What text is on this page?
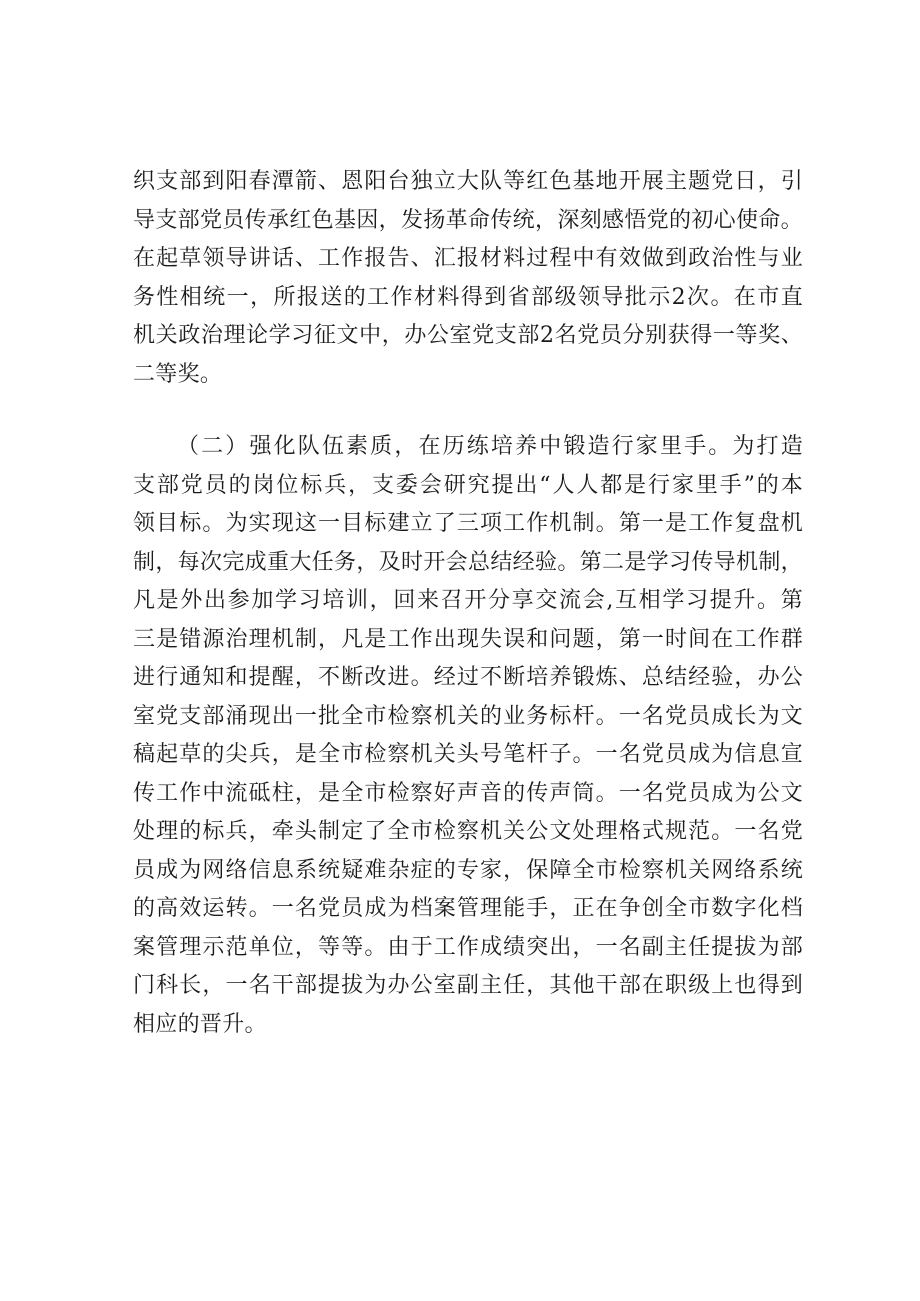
织支部到阳春潭箭、恩阳台独立大队等红色基地开展主题党日，引
导支部党员传承红色基因，发扬革命传统，深刻感悟党的初心使命。
在起草领导讲话、工作报告、汇报材料过程中有效做到政治性与业
务性相统一，所报送的工作材料得到省部级领导批示2次。在市直
机关政治理论学习征文中，办公室党支部2名党员分别获得一等奖、
二等奖。
（二）强化队伍素质，在历练培养中锻造行家里手。为打造
支部党员的岗位标兵，支委会研究提出“人人都是行家里手”的本
领目标。为实现这一目标建立了三项工作机制。第一是工作复盘机
制，每次完成重大任务，及时开会总结经验。第二是学习传导机制，
凡是外出参加学习培训，回来召开分享交流会,互相学习提升。第
三是错源治理机制，凡是工作出现失误和问题，第一时间在工作群
进行通知和提醒，不断改进。经过不断培养锻炼、总结经验，办公
室党支部涌现出一批全市检察机关的业务标杆。一名党员成长为文
稿起草的尖兵，是全市检察机关头号笔杆子。一名党员成为信息宣
传工作中流砥柱，是全市检察好声音的传声筒。一名党员成为公文
处理的标兵，牵头制定了全市检察机关公文处理格式规范。一名党
员成为网络信息系统疑难杂症的专家，保障全市检察机关网络系统
的高效运转。一名党员成为档案管理能手，正在争创全市数字化档
案管理示范单位，等等。由于工作成绩突出，一名副主任提拔为部
门科长，一名干部提拔为办公室副主任，其他干部在职级上也得到
相应的晋升。
